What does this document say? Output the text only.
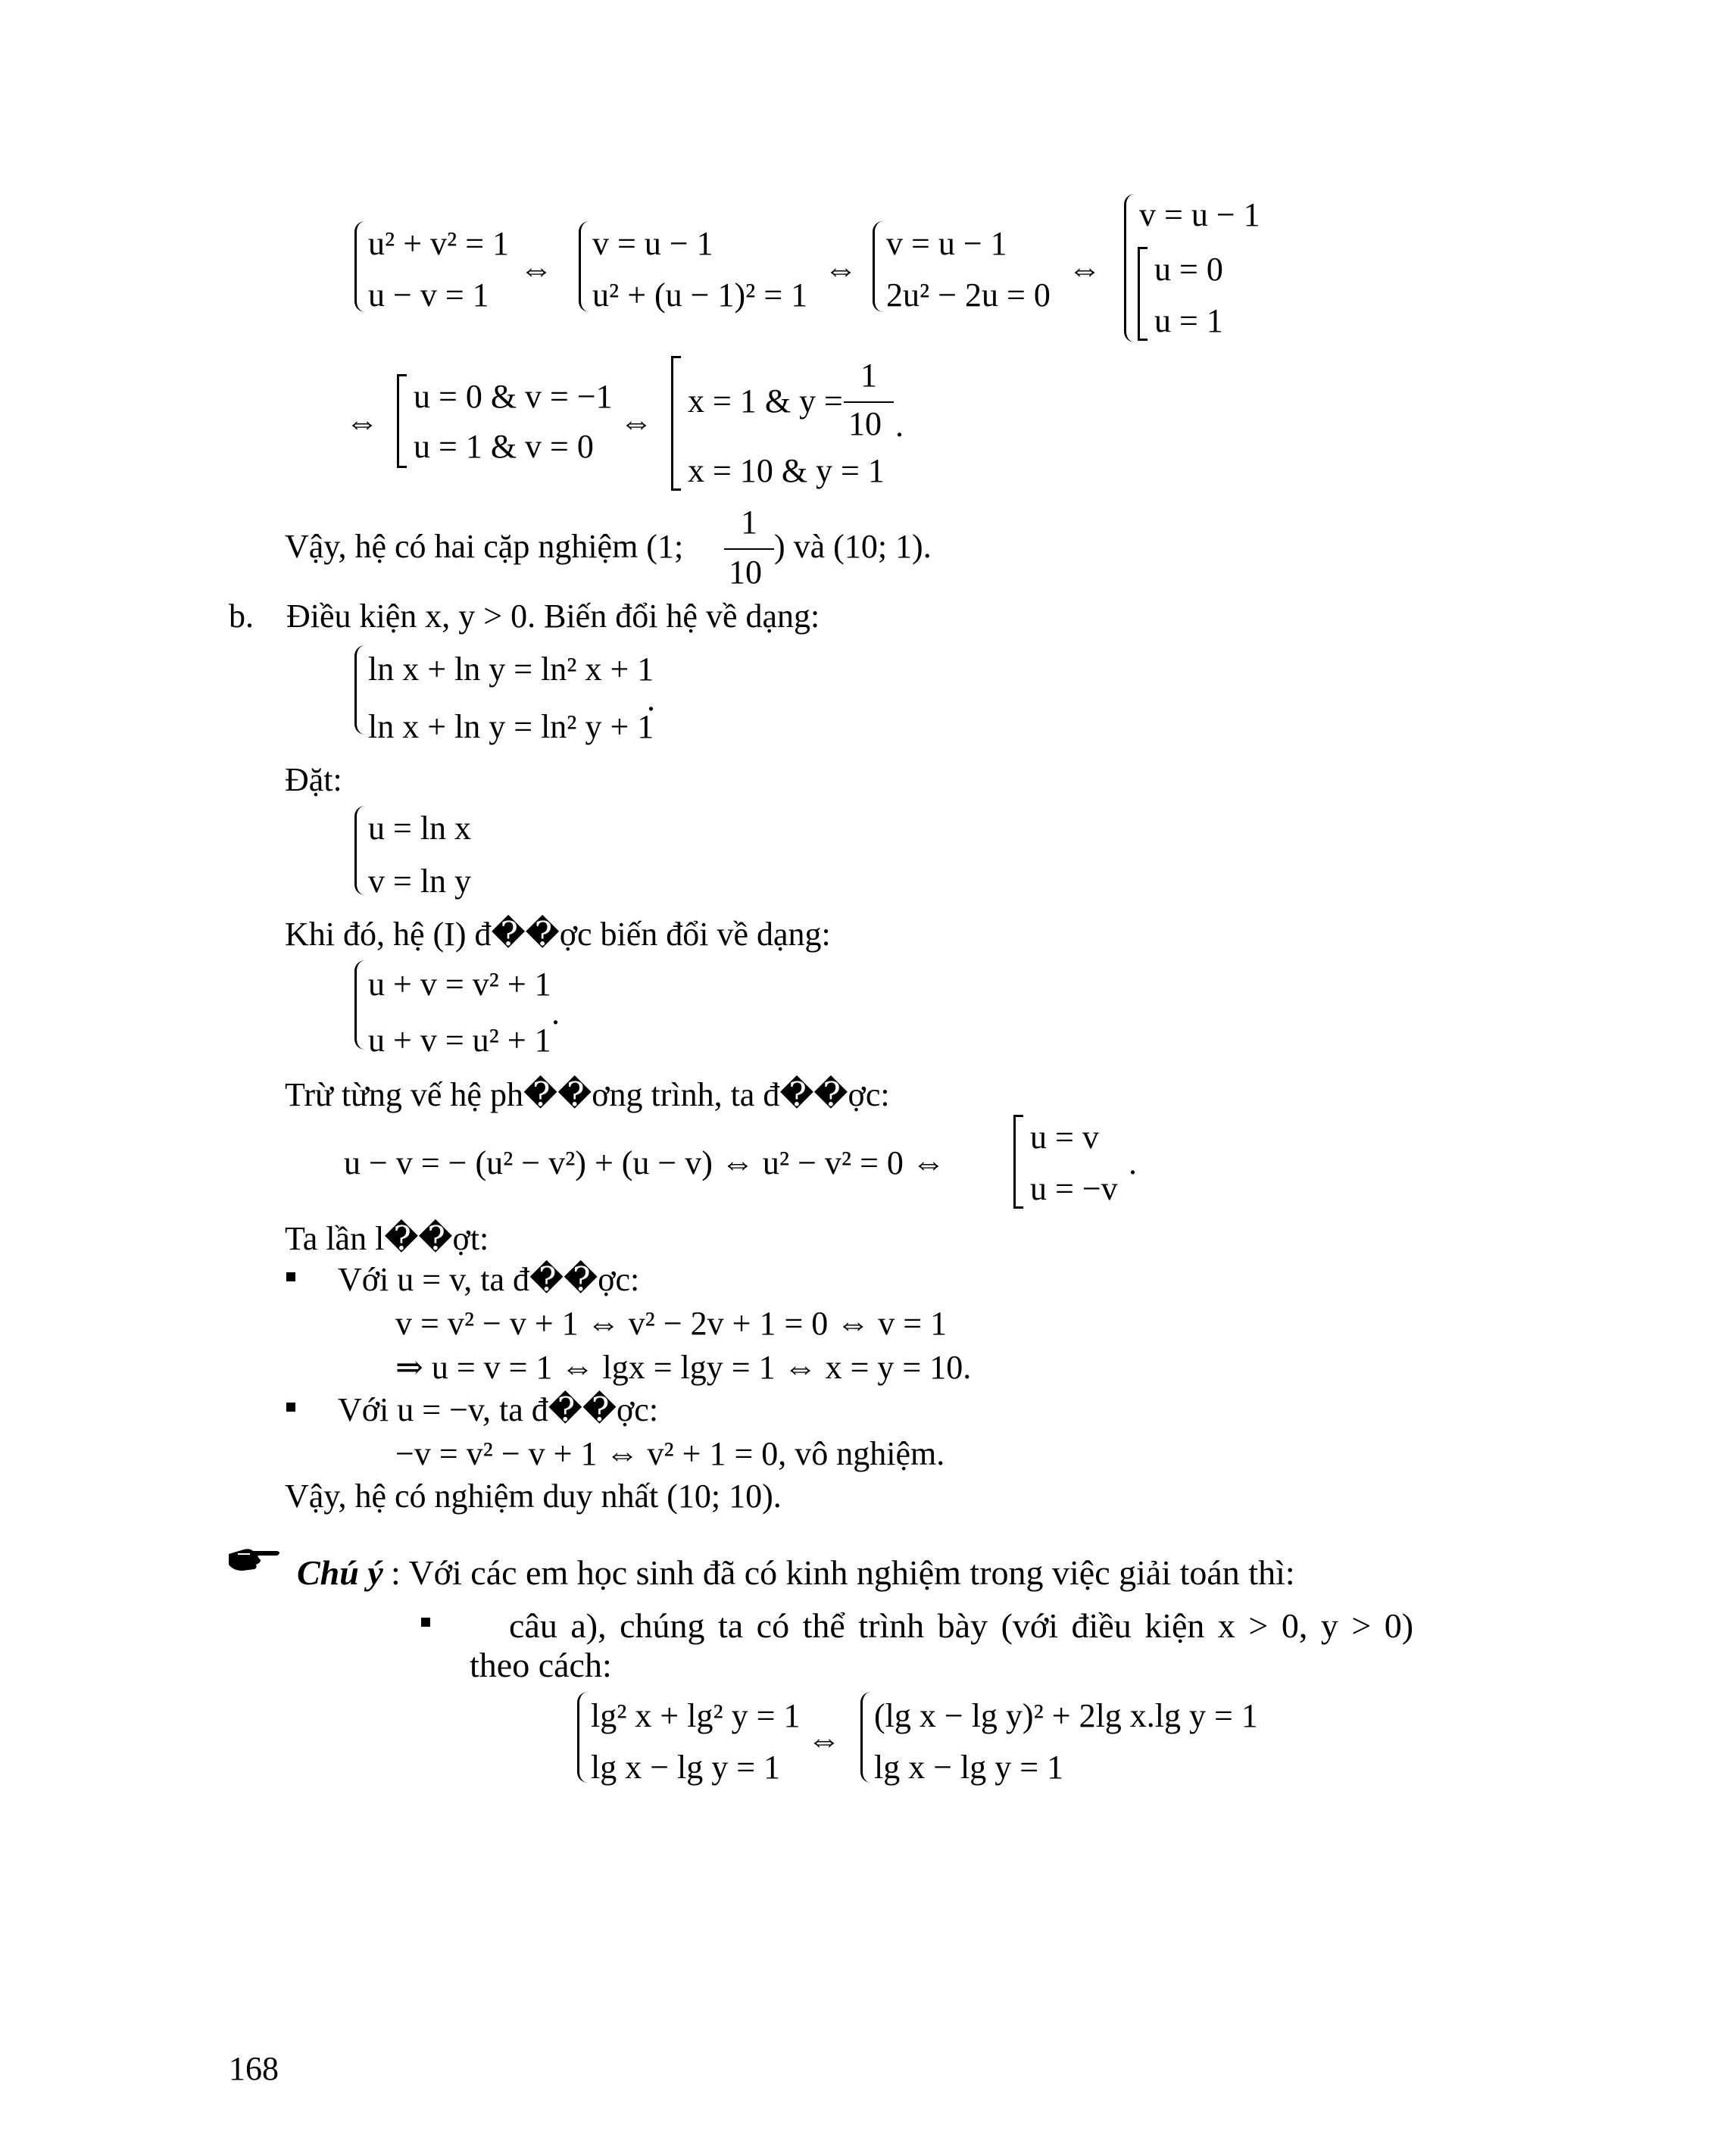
u² + v² = 1
u − v = 1
⇔
v = u − 1
u² + (u − 1)² = 1
⇔
v = u − 1
2u² − 2u = 0
⇔
v = u − 1
u = 0
u = 1
⇔
u = 0 & v = −1
u = 1 & v = 0
⇔
x = 1 & y =
1
10 .
x = 10 & y = 1
Vậy, hệ có hai cặp nghiệm (1;
1
10
) và (10; 1).
b. Điều kiện x, y > 0. Biến đổi hệ về dạng:
ln x + ln y = ln² x + 1
ln x + ln y = ln² y + 1
.
Đặt:
u = ln x
v = ln y
Khi đó, hệ (I) đ��ợc biến đổi về dạng:
u + v = v² + 1
u + v = u² + 1
.
Trừ từng vế hệ ph��ơng trình, ta đ��ợc:
u − v = − (u² − v²) + (u − v) ⇔ u² − v² = 0 ⇔
u = v
u = −v
.
Ta lần l��ợt:
Với u = v, ta đ��ợc:
v = v² − v + 1 ⇔ v² − 2v + 1 = 0 ⇔ v = 1
⇒ u = v = 1 ⇔ lgx = lgy = 1 ⇔ x = y = 10.
Với u = −v, ta đ��ợc:
−v = v² − v + 1 ⇔ v² + 1 = 0, vô nghiệm.
Vậy, hệ có nghiệm duy nhất (10; 10).
Chú ý : Với các em học sinh đã có kinh nghiệm trong việc giải toán thì:
câu a), chúng ta có thể trình bày (với điều kiện x > 0, y > 0)
theo cách:
lg² x + lg² y = 1
lg x − lg y = 1
⇔
(lg x − lg y)² + 2lg x.lg y = 1
lg x − lg y = 1
168
